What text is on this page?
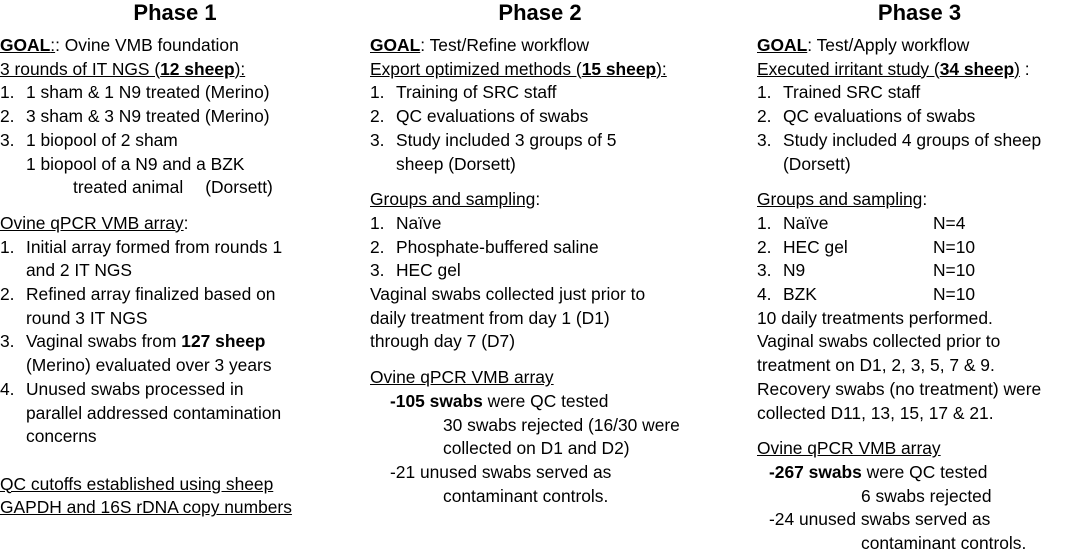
Phase 1
GOAL:: Ovine VMB foundation
3 rounds of IT NGS (12 sheep):
1. 1 sham & 1 N9 treated (Merino)
2. 3 sham & 3 N9 treated (Merino)
3. 1 biopool of 2 sham
1 biopool of a N9 and a BZK
treated animal (Dorsett)
Ovine qPCR VMB array:
1. Initial array formed from rounds 1
and 2 IT NGS
2. Refined array finalized based on
round 3 IT NGS
3. Vaginal swabs from 127 sheep
(Merino) evaluated over 3 years
4. Unused swabs processed in
parallel addressed contamination
concerns
QC cutoffs established using sheep
GAPDH and 16S rDNA copy numbers
Phase 2
GOAL: Test/Refine workflow
Export optimized methods (15 sheep):
1. Training of SRC staff
2. QC evaluations of swabs
3. Study included 3 groups of 5
sheep (Dorsett)
Groups and sampling:
1. Naïve
2. Phosphate-buffered saline
3. HEC gel
Vaginal swabs collected just prior to
daily treatment from day 1 (D1)
through day 7 (D7)
Ovine qPCR VMB array
-105 swabs were QC tested
30 swabs rejected (16/30 were
collected on D1 and D2)
-21 unused swabs served as
contaminant controls.
Phase 3
GOAL: Test/Apply workflow
Executed irritant study (34 sheep) :
1. Trained SRC staff
2. QC evaluations of swabs
3. Study included 4 groups of sheep
(Dorsett)
Groups and sampling:
1. Naïve	N=4
2. HEC gel	N=10
3. N9	N=10
4. BZK	N=10
10 daily treatments performed.
Vaginal swabs collected prior to
treatment on D1, 2, 3, 5, 7 & 9.
Recovery swabs (no treatment) were
collected D11, 13, 15, 17 & 21.
Ovine qPCR VMB array
-267 swabs were QC tested
6 swabs rejected
-24 unused swabs served as
contaminant controls.
